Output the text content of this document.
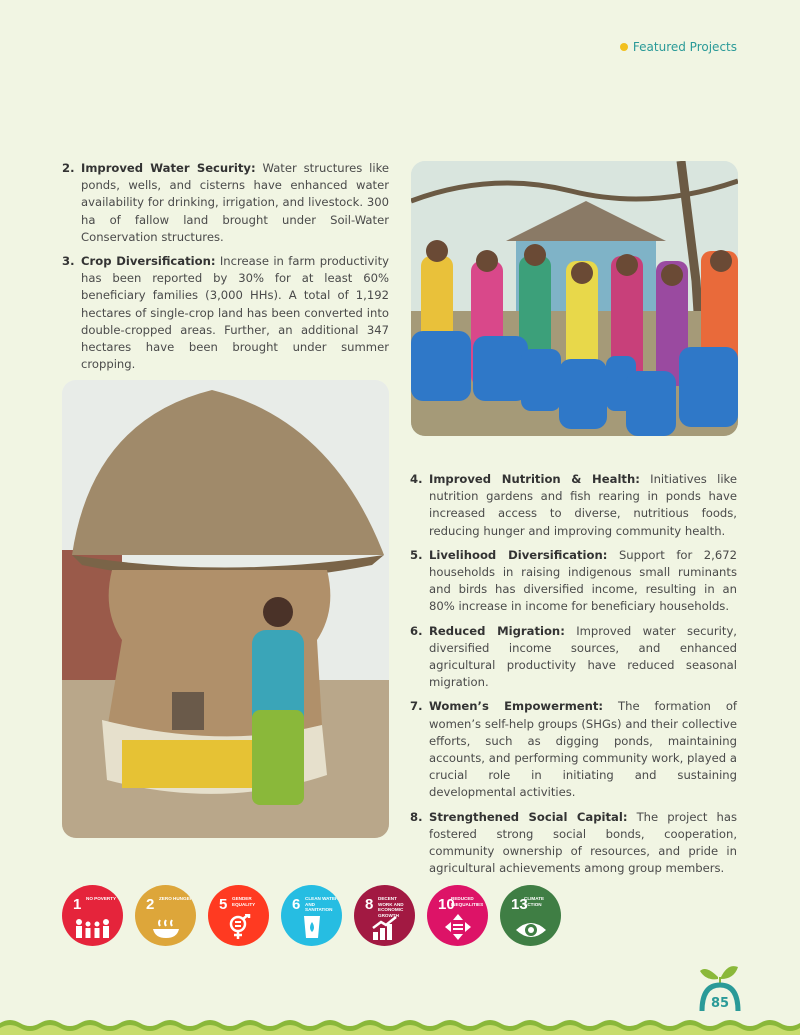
Featured Projects
2. Improved Water Security: Water structures like ponds, wells, and cisterns have enhanced water availability for drinking, irrigation, and livestock. 300 ha of fallow land brought under Soil-Water Conservation structures.
3. Crop Diversification: Increase in farm productivity has been reported by 30% for at least 60% beneficiary families (3,000 HHs). A total of 1,192 hectares of single-crop land has been converted into double-cropped areas. Further, an additional 347 hectares have been brought under summer cropping.
4. Improved Nutrition & Health: Initiatives like nutrition gardens and fish rearing in ponds have increased access to diverse, nutritious foods, reducing hunger and improving community health.
5. Livelihood Diversification: Support for 2,672 households in raising indigenous small ruminants and birds has diversified income, resulting in an 80% increase in income for beneficiary households.
6. Reduced Migration: Improved water security, diversified income sources, and enhanced agricultural productivity have reduced seasonal migration.
7. Women’s Empowerment: The formation of women’s self-help groups (SHGs) and their collective efforts, such as digging ponds, maintaining accounts, and performing community work, played a crucial role in initiating and sustaining developmental activities.
8. Strengthened Social Capital: The project has fostered strong social bonds, cooperation, community ownership of resources, and pride in agricultural achievements among group members.
1 NO POVERTY 2 ZERO HUNGER 5 GENDER EQUALITY	6 CLEAN WATER AND SANITATION	8 DECENT WORK AND ECONOMIC GROWTH
10
REDUCED INEQUALITIES 13
CLIMATE ACTION
85
